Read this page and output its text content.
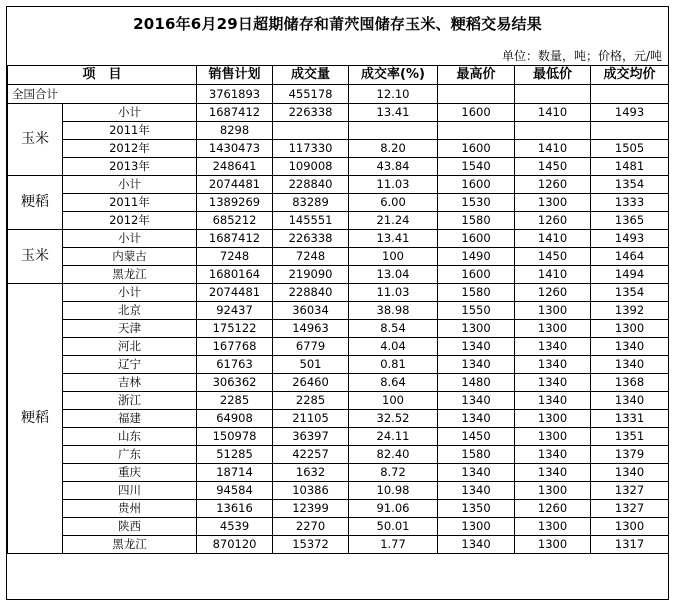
2016年6月29日超期储存和莆茓囤储存玉米、粳稻交易结果
单位：数量，吨；价格，元/吨
项　目		销售计划	成交量	成交率(%)	最高价	最低价	成交均价
全国合计		3761893	455178	12.10			
玉米	小计	1687412	226338	13.41	1600	1410	1493
	2011年	8298					
	2012年	1430473	117330	8.20	1600	1410	1505
	2013年	248641	109008	43.84	1540	1450	1481
粳稻	小计	2074481	228840	11.03	1600	1260	1354
	2011年	1389269	83289	6.00	1530	1300	1333
	2012年	685212	145551	21.24	1580	1260	1365
玉米	小计	1687412	226338	13.41	1600	1410	1493
	内蒙古	7248	7248	100	1490	1450	1464
	黑龙江	1680164	219090	13.04	1600	1410	1494
粳稻	小计	2074481	228840	11.03	1580	1260	1354
	北京	92437	36034	38.98	1550	1300	1392
	天津	175122	14963	8.54	1300	1300	1300
	河北	167768	6779	4.04	1340	1340	1340
	辽宁	61763	501	0.81	1340	1340	1340
	吉林	306362	26460	8.64	1480	1340	1368
	浙江	2285	2285	100	1340	1340	1340
	福建	64908	21105	32.52	1340	1300	1331
	山东	150978	36397	24.11	1450	1300	1351
	广东	51285	42257	82.40	1580	1340	1379
	重庆	18714	1632	8.72	1340	1340	1340
	四川	94584	10386	10.98	1340	1300	1327
	贵州	13616	12399	91.06	1350	1260	1327
	陕西	4539	2270	50.01	1300	1300	1300
	黑龙江	870120	15372	1.77	1340	1300	1317
